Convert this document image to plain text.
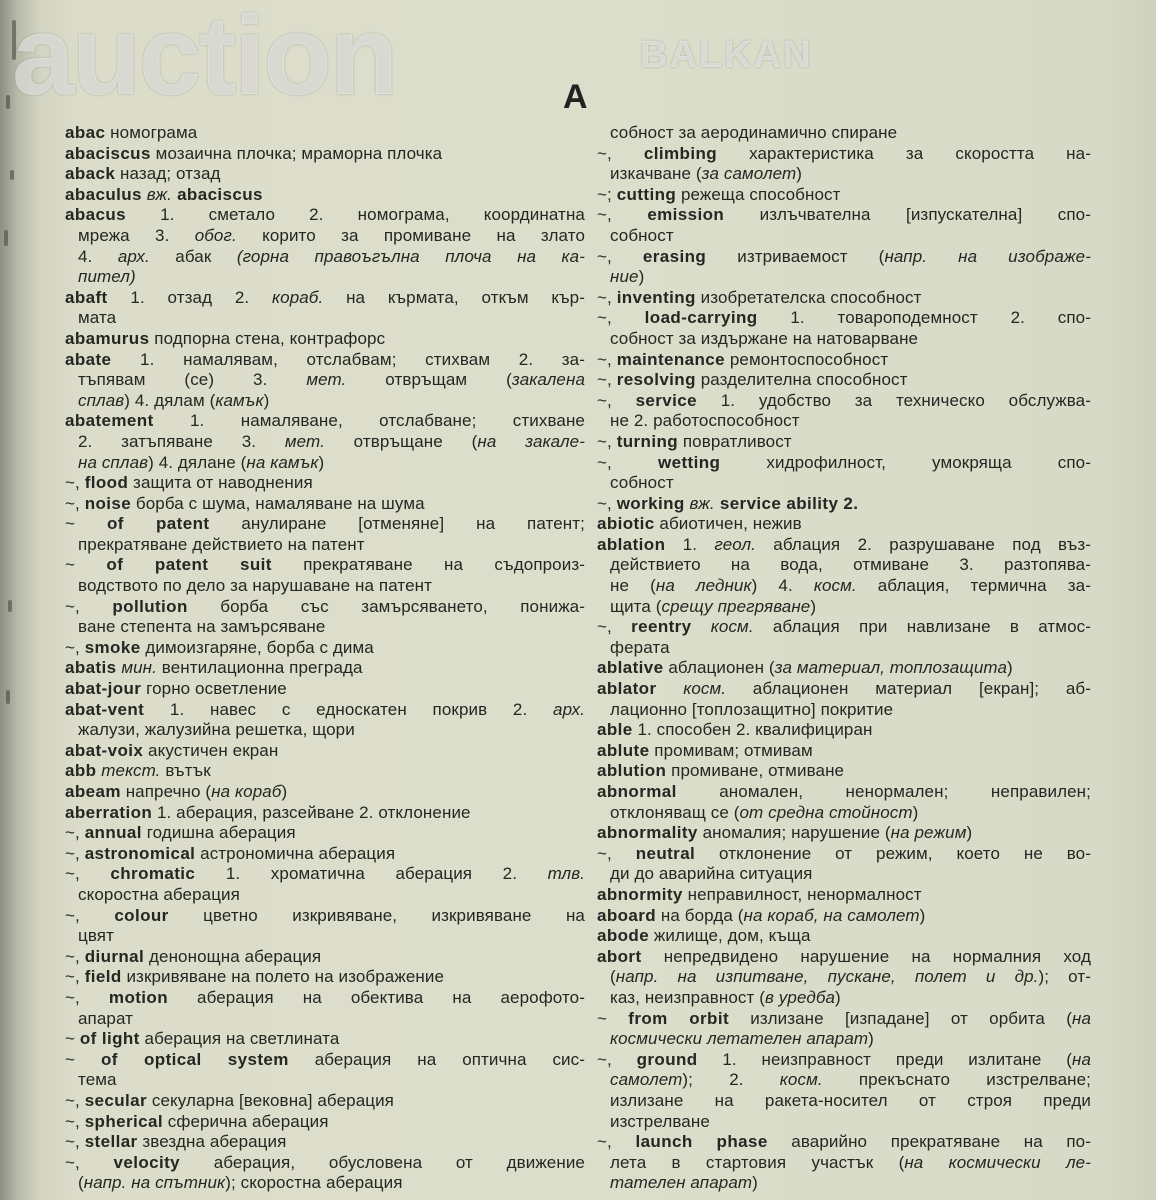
auction	BALKAN
A
abac номограма
abaciscus мозаична плочка; мраморна плочка
aback назад; отзад
abaculus вж. abaciscus
abacus 1. сметало 2. номограма, координатна
мрежа 3. обог. корито за промиване на злато
4. арх. абак (горна правоъгълна плоча на ка-
пител)
abaft 1. отзад 2. кораб. на кърмата, откъм кър-
мата
abamurus подпорна стена, контрафорс
abate 1. намалявам, отслабвам; стихвам 2. за-
тъпявам (се) 3. мет. отвръщам (закалена
сплав) 4. дялам (камък)
abatement 1. намаляване, отслабване; стихване
2. затъпяване 3. мет. отвръщане (на закале-
на сплав) 4. дялане (на камък)
~, flood защита от наводнения
~, noise борба с шума, намаляване на шума
~ of patent анулиране [отменяне] на патент;
прекратяване действието на патент
~ of patent suit прекратяване на съдопроиз-
водството по дело за нарушаване на патент
~, pollution борба със замърсяването, понижа-
ване степента на замърсяване
~, smoke димоизгаряне, борба с дима
abatis мин. вентилационна преграда
abat-jour горно осветление
abat-vent 1. навес с едноскатен покрив 2. арх.
жалузи, жалузийна решетка, щори
abat-voix акустичен екран
abb текст. вътък
abeam напречно (на кораб)
aberration 1. аберация, разсейване 2. отклонение
~, annual годишна аберация
~, astronomical астрономична аберация
~, chromatic 1. хроматична аберация 2. тлв.
скоростна аберация
~, colour цветно изкривяване, изкривяване на
цвят
~, diurnal денонощна аберация
~, field изкривяване на полето на изображение
~, motion аберация на обектива на аерофото-
апарат
~ of light аберация на светлината
~ of optical system аберация на оптична сис-
тема
~, secular секуларна [вековна] аберация
~, spherical сферична аберация
~, stellar звездна аберация
~, velocity аберация, обусловена от движение
(напр. на спътник); скоростна аберация
собност за аеродинамично спиране
~, climbing характеристика за скоростта на-
изкачване (за самолет)
~; cutting режеща способност
~, emission излъчвателна [изпускателна] спо-
собност
~, erasing изтриваемост (напр. на изображе-
ние)
~, inventing изобретателска способност
~, load-carrying 1. товароподемност 2. спо-
собност за издържане на натоварване
~, maintenance ремонтоспособност
~, resolving разделителна способност
~, service 1. удобство за техническо обслужва-
не 2. работоспособност
~, turning повратливост
~, wetting хидрофилност, умокряща спо-
собност
~, working вж. service ability 2.
abiotic абиотичен, нежив
ablation 1. геол. аблация 2. разрушаване под въз-
действието на вода, отмиване 3. разтопява-
не (на ледник) 4. косм. аблация, термична за-
щита (срещу прегряване)
~, reentry косм. аблация при навлизане в атмос-
ферата
ablative аблационен (за материал, топлозащита)
ablator косм. аблационен материал [екран]; аб-
лационно [топлозащитно] покритие
able 1. способен 2. квалифициран
ablute промивам; отмивам
ablution промиване, отмиване
abnormal аномален, ненормален; неправилен;
отклоняващ се (от средна стойност)
abnormality аномалия; нарушение (на режим)
~, neutral отклонение от режим, което не во-
ди до аварийна ситуация
abnormity неправилност, ненормалност
aboard на борда (на кораб, на самолет)
abode жилище, дом, къща
abort непредвидено нарушение на нормалния ход
(напр. на изпитване, пускане, полет и др.); от-
каз, неизправност (в уредба)
~ from orbit излизане [изпадане] от орбита (на
космически летателен апарат)
~, ground 1. неизправност преди излитане (на
самолет); 2. косм. прекъснато изстрелване;
излизане на ракета-носител от строя преди
изстрелване
~, launch phase аварийно прекратяване на по-
лета в стартовия участък (на космически ле-
тателен апарат)
